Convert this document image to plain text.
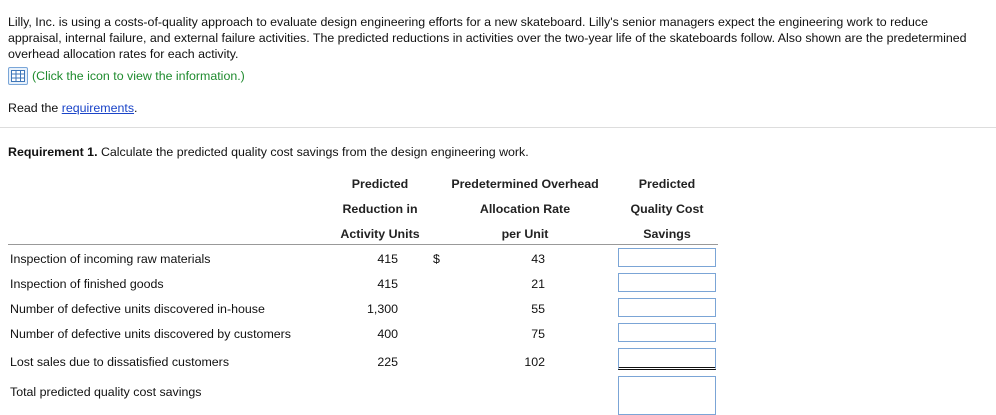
Lilly, Inc. is using a costs-of-quality approach to evaluate design engineering efforts for a new skateboard. Lilly's senior managers expect the engineering work to reduce appraisal, internal failure, and external failure activities. The predicted reductions in activities over the two-year life of the skateboards follow. Also shown are the predetermined overhead allocation rates for each activity.
(Click the icon to view the information.)
Read the requirements.
Requirement 1. Calculate the predicted quality cost savings from the design engineering work.
Predicted
Reduction in
Activity Units
Predetermined Overhead
Allocation Rate
per Unit
Predicted
Quality Cost
Savings
Inspection of incoming raw materials	415	$	43
Inspection of finished goods	415	21
Number of defective units discovered in-house	1,300	55
Number of defective units discovered by customers	400	75
Lost sales due to dissatisfied customers	225	102
Total predicted quality cost savings
